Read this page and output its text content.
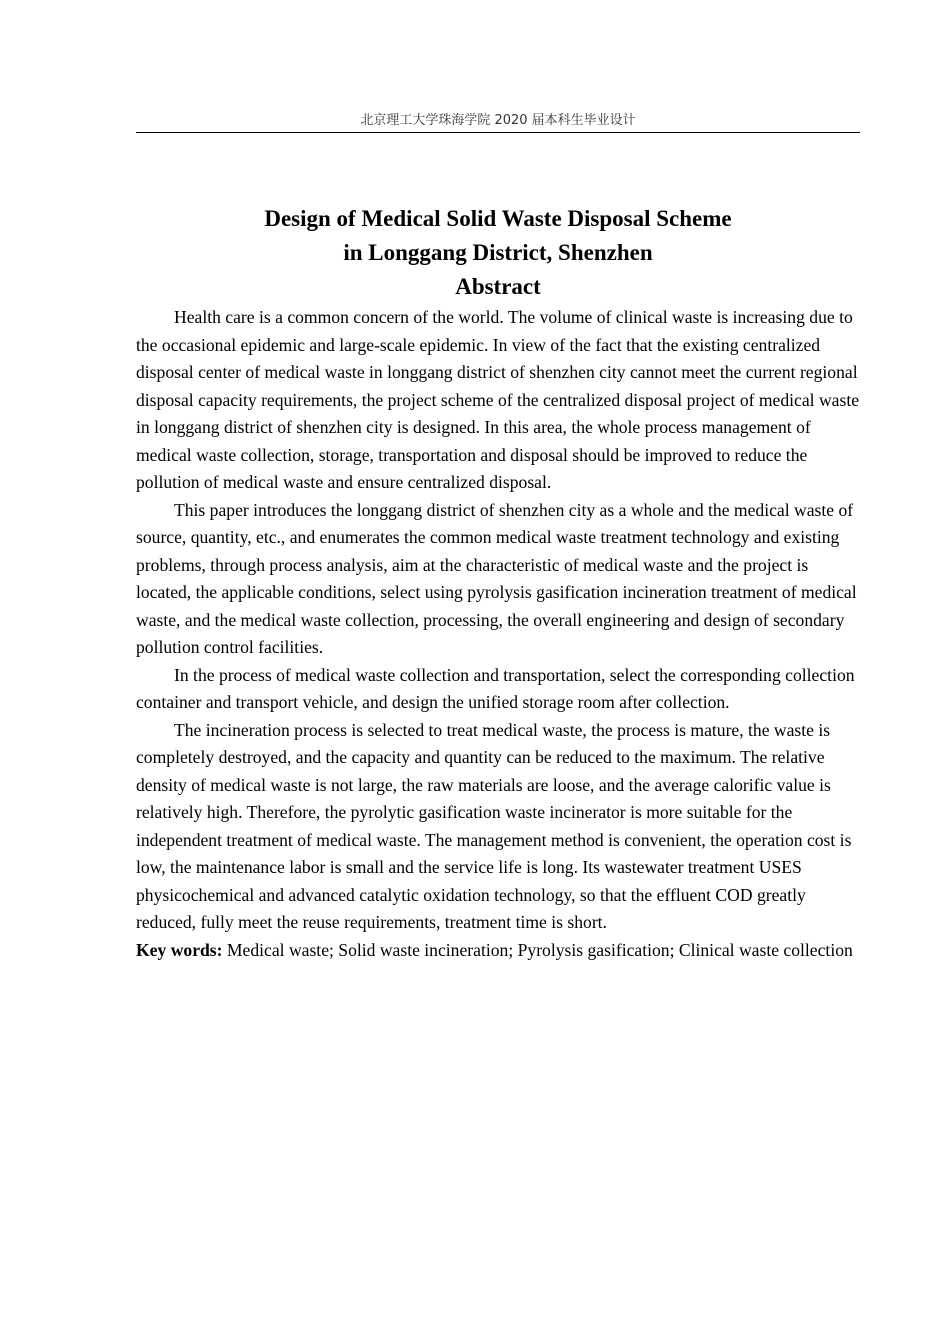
北京理工大学珠海学院 2020 届本科生毕业设计
Design of Medical Solid Waste Disposal Scheme
in Longgang District, Shenzhen
Abstract

Health care is a common concern of the world. The volume of clinical waste is increasing due to the occasional epidemic and large-scale epidemic. In view of the fact that the existing centralized disposal center of medical waste in longgang district of shenzhen city cannot meet the current regional disposal capacity requirements, the project scheme of the centralized disposal project of medical waste in longgang district of shenzhen city is designed. In this area, the whole process management of medical waste collection, storage, transportation and disposal should be improved to reduce the pollution of medical waste and ensure centralized disposal.

This paper introduces the longgang district of shenzhen city as a whole and the medical waste of source, quantity, etc., and enumerates the common medical waste treatment technology and existing problems, through process analysis, aim at the characteristic of medical waste and the project is located, the applicable conditions, select using pyrolysis gasification incineration treatment of medical waste, and the medical waste collection, processing, the overall engineering and design of secondary pollution control facilities.

In the process of medical waste collection and transportation, select the corresponding collection container and transport vehicle, and design the unified storage room after collection.

The incineration process is selected to treat medical waste, the process is mature, the waste is completely destroyed, and the capacity and quantity can be reduced to the maximum. The relative density of medical waste is not large, the raw materials are loose, and the average calorific value is relatively high. Therefore, the pyrolytic gasification waste incinerator is more suitable for the independent treatment of medical waste. The management method is convenient, the operation cost is low, the maintenance labor is small and the service life is long. Its wastewater treatment USES physicochemical and advanced catalytic oxidation technology, so that the effluent COD greatly reduced, fully meet the reuse requirements, treatment time is short.

Key words: Medical waste; Solid waste incineration; Pyrolysis gasification; Clinical waste collection
